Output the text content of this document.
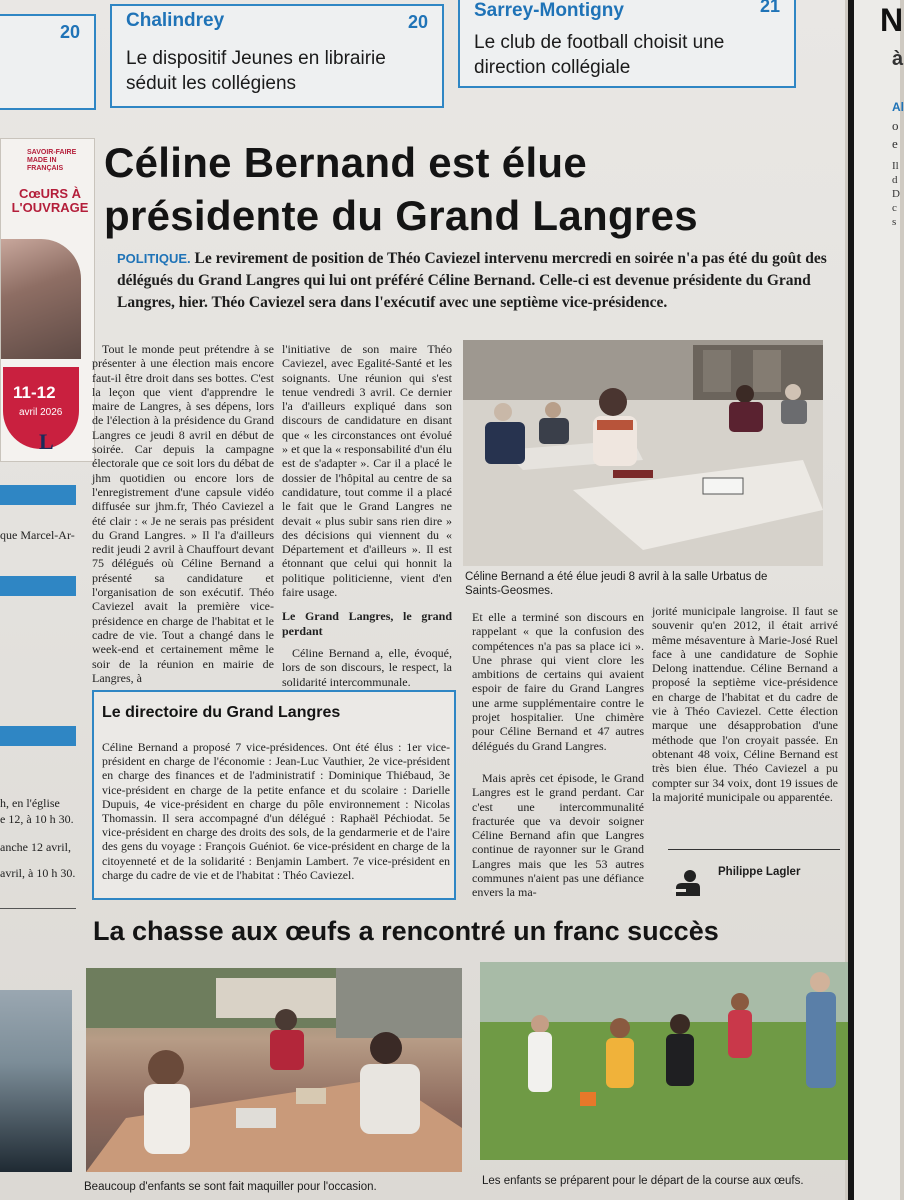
20
Chalindrey	20
Le dispositif Jeunes en librairie séduit les collégiens
Sarrey-Montigny	21
Le club de football choisit une direction collégiale
SAVOIR-FAIRE MADE IN FRANÇAIS
CœURS À L'OUVRAGE
11-12
avril 2026
L
que Marcel-Ar-
h, en l'église
e 12, à 10 h 30.
anche 12 avril,
avril, à 10 h 30.
Céline Bernand est élue présidente du Grand Langres
POLITIQUE. Le revirement de position de Théo Caviezel intervenu mercredi en soirée n'a pas été du goût des délégués du Grand Langres qui lui ont préféré Céline Bernand. Celle-ci est devenue présidente du Grand Langres, hier. Théo Caviezel sera dans l'exécutif avec une septième vice-présidence.

Tout le monde peut prétendre à se présenter à une élection mais encore faut-il être droit dans ses bottes. C'est la leçon que vient d'apprendre le maire de Langres, à ses dépens, lors de l'élection à la présidence du Grand Langres ce jeudi 8 avril en début de soirée. Car depuis la campagne électorale que ce soit lors du débat de jhm quotidien ou encore lors de l'enregistrement d'une capsule vidéo diffusée sur jhm.fr, Théo Caviezel a été clair : « Je ne serais pas président du Grand Langres. » Il l'a d'ailleurs redit jeudi 2 avril à Chauffourt devant 75 délégués où Céline Bernand a présenté sa candidature et l'organisation de son exécutif. Théo Caviezel avait la première vice-présidence en charge de l'habitat et le cadre de vie. Tout a changé dans le week-end et certainement même le soir de la réunion en mairie de Langres, à

l'initiative de son maire Théo Caviezel, avec Egalité-Santé et les soignants. Une réunion qui s'est tenue vendredi 3 avril. Ce dernier l'a d'ailleurs expliqué dans son discours de candidature en disant que « les circonstances ont évolué » et que la « responsabilité d'un élu est de s'adapter ». Car il a placé le dossier de l'hôpital au centre de sa candidature, tout comme il a placé le fait que le Grand Langres ne devait « plus subir sans rien dire » des décisions qui viennent du « Département et d'ailleurs ». Il est étonnant que celui qui honnit la politique politicienne, vient d'en faire usage.

Le Grand Langres, le grand perdant

Céline Bernand a, elle, évoqué, lors de son discours, le respect, la solidarité intercommunale.

Céline Bernand a été élue jeudi 8 avril à la salle Urbatus de Saints-Geosmes.

Et elle a terminé son discours en rappelant « que la confusion des compétences n'a pas sa place ici ». Une phrase qui vient clore les ambitions de certains qui avaient espoir de faire du Grand Langres une arme supplémentaire contre le projet hospitalier. Une chimère pour Céline Bernand et 47 autres délégués du Grand Langres.

Mais après cet épisode, le Grand Langres est le grand perdant. Car c'est une intercommunalité fracturée que va devoir soigner Céline Bernand afin que Langres continue de rayonner sur le Grand Langres mais que les 53 autres communes n'aient pas une défiance envers la ma-

jorité municipale langroise. Il faut se souvenir qu'en 2012, il était arrivé même mésaventure à Marie-José Ruel face à une candidature de Sophie Delong inattendue. Céline Bernand a proposé la septième vice-présidence en charge de l'habitat et du cadre de vie à Théo Caviezel. Cette élection marque une désapprobation d'une méthode que l'on croyait passée. En obtenant 48 voix, Céline Bernand est très bien élue. Théo Caviezel a pu compter sur 34 voix, dont 19 issues de la majorité municipale ou apparentée.

Philippe Lagler
Le directoire du Grand Langres
Céline Bernand a proposé 7 vice-présidences. Ont été élus : 1er vice-président en charge de l'économie : Jean-Luc Vauthier, 2e vice-président en charge des finances et de l'administratif : Dominique Thiébaud, 3e vice-président en charge de la petite enfance et du scolaire : Darielle Dupuis, 4e vice-président en charge du pôle environnement : Nicolas Thomassin. Il sera accompagné d'un délégué : Raphaël Péchiodat. 5e vice-président en charge des droits des sols, de la gendarmerie et de l'aire des gens du voyage : François Guéniot. 6e vice-président en charge de la citoyenneté et de la solidarité : Benjamin Lambert. 7e vice-président en charge du cadre de vie et de l'habitat : Théo Caviezel.
La chasse aux œufs a rencontré un franc succès
Beaucoup d'enfants se sont fait maquiller pour l'occasion.	Les enfants se préparent pour le départ de la course aux œufs.
N
à
Al
o
e
Il
d
D
c
s
